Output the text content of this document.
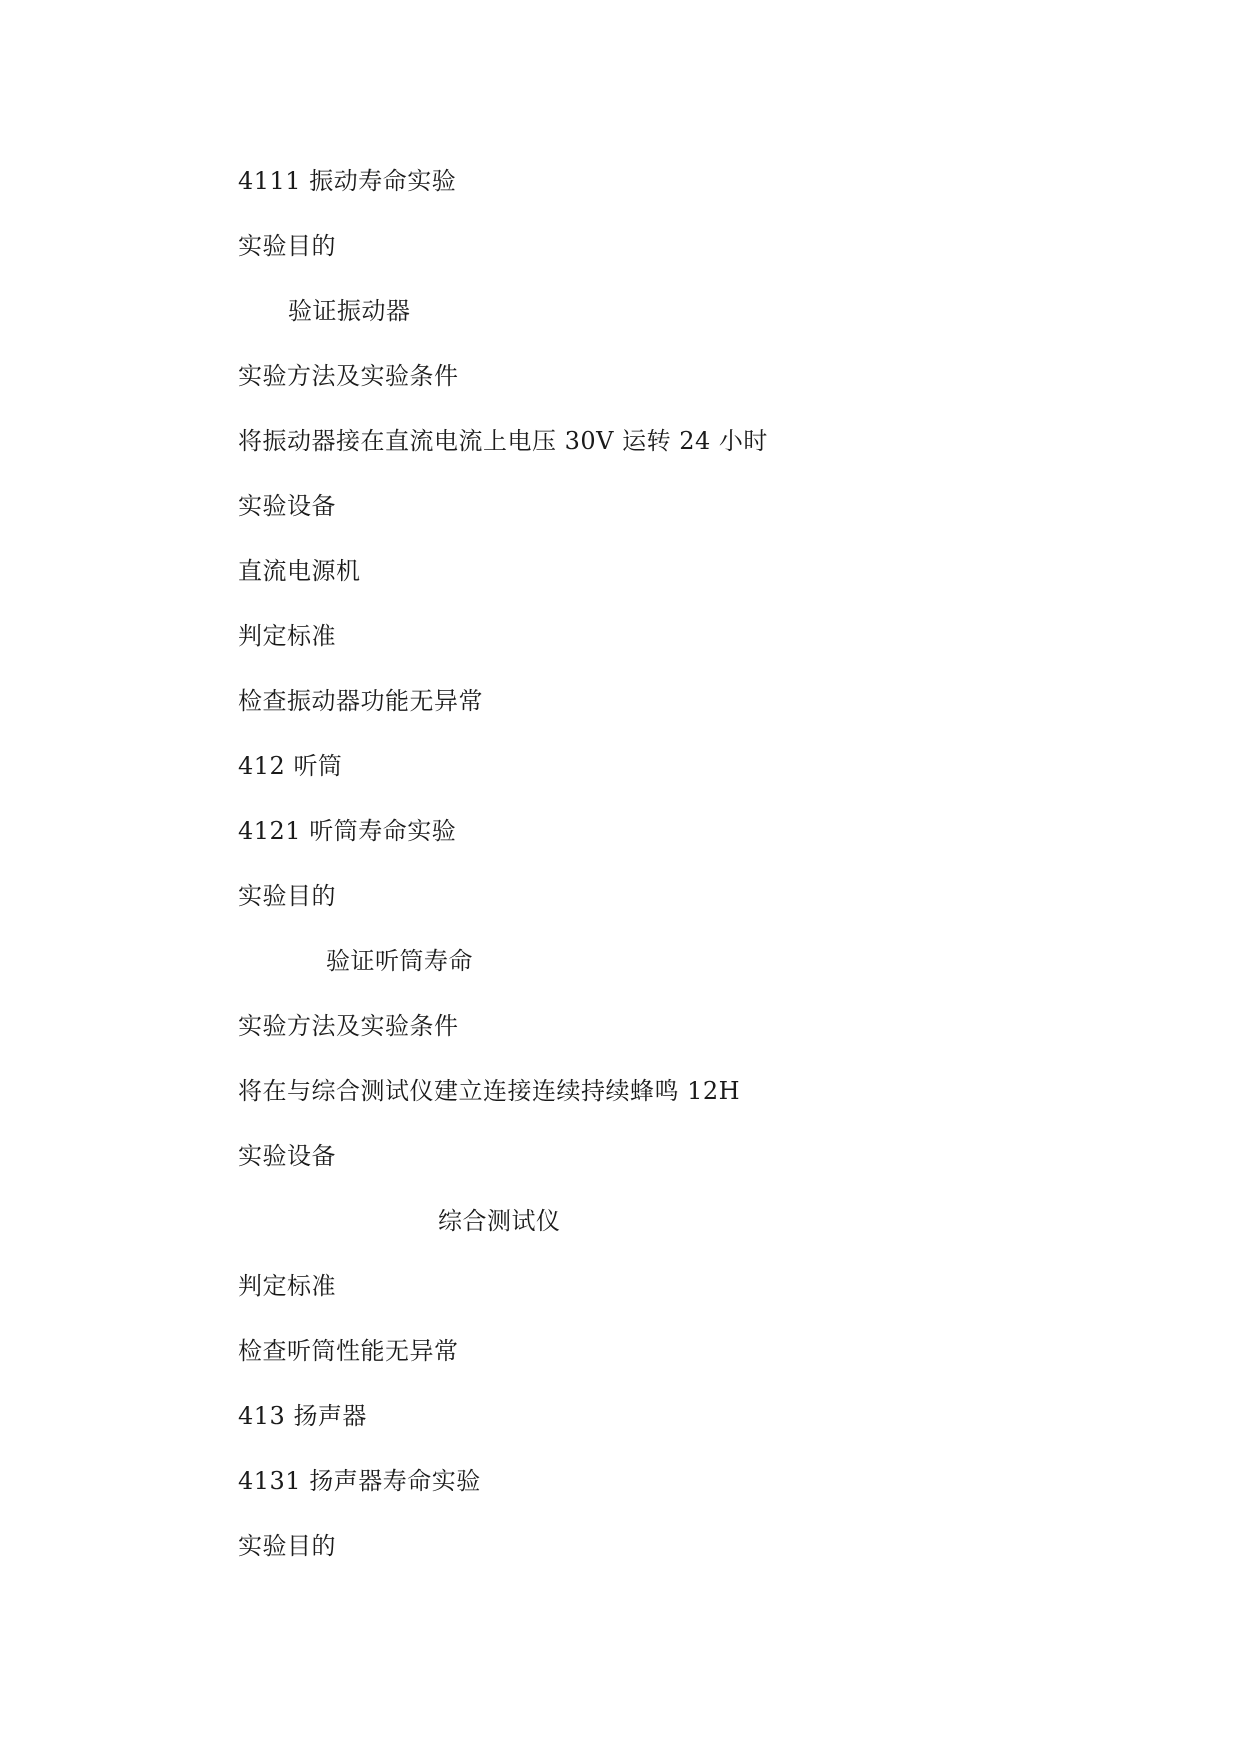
4111 振动寿命实验
实验目的
验证振动器
实验方法及实验条件
将振动器接在直流电流上电压 30V 运转 24 小时
实验设备
直流电源机
判定标准
检查振动器功能无异常
412 听筒
4121 听筒寿命实验
实验目的
验证听筒寿命
实验方法及实验条件
将在与综合测试仪建立连接连续持续蜂鸣 12H
实验设备
综合测试仪
判定标准
检查听筒性能无异常
413 扬声器
4131 扬声器寿命实验
实验目的
